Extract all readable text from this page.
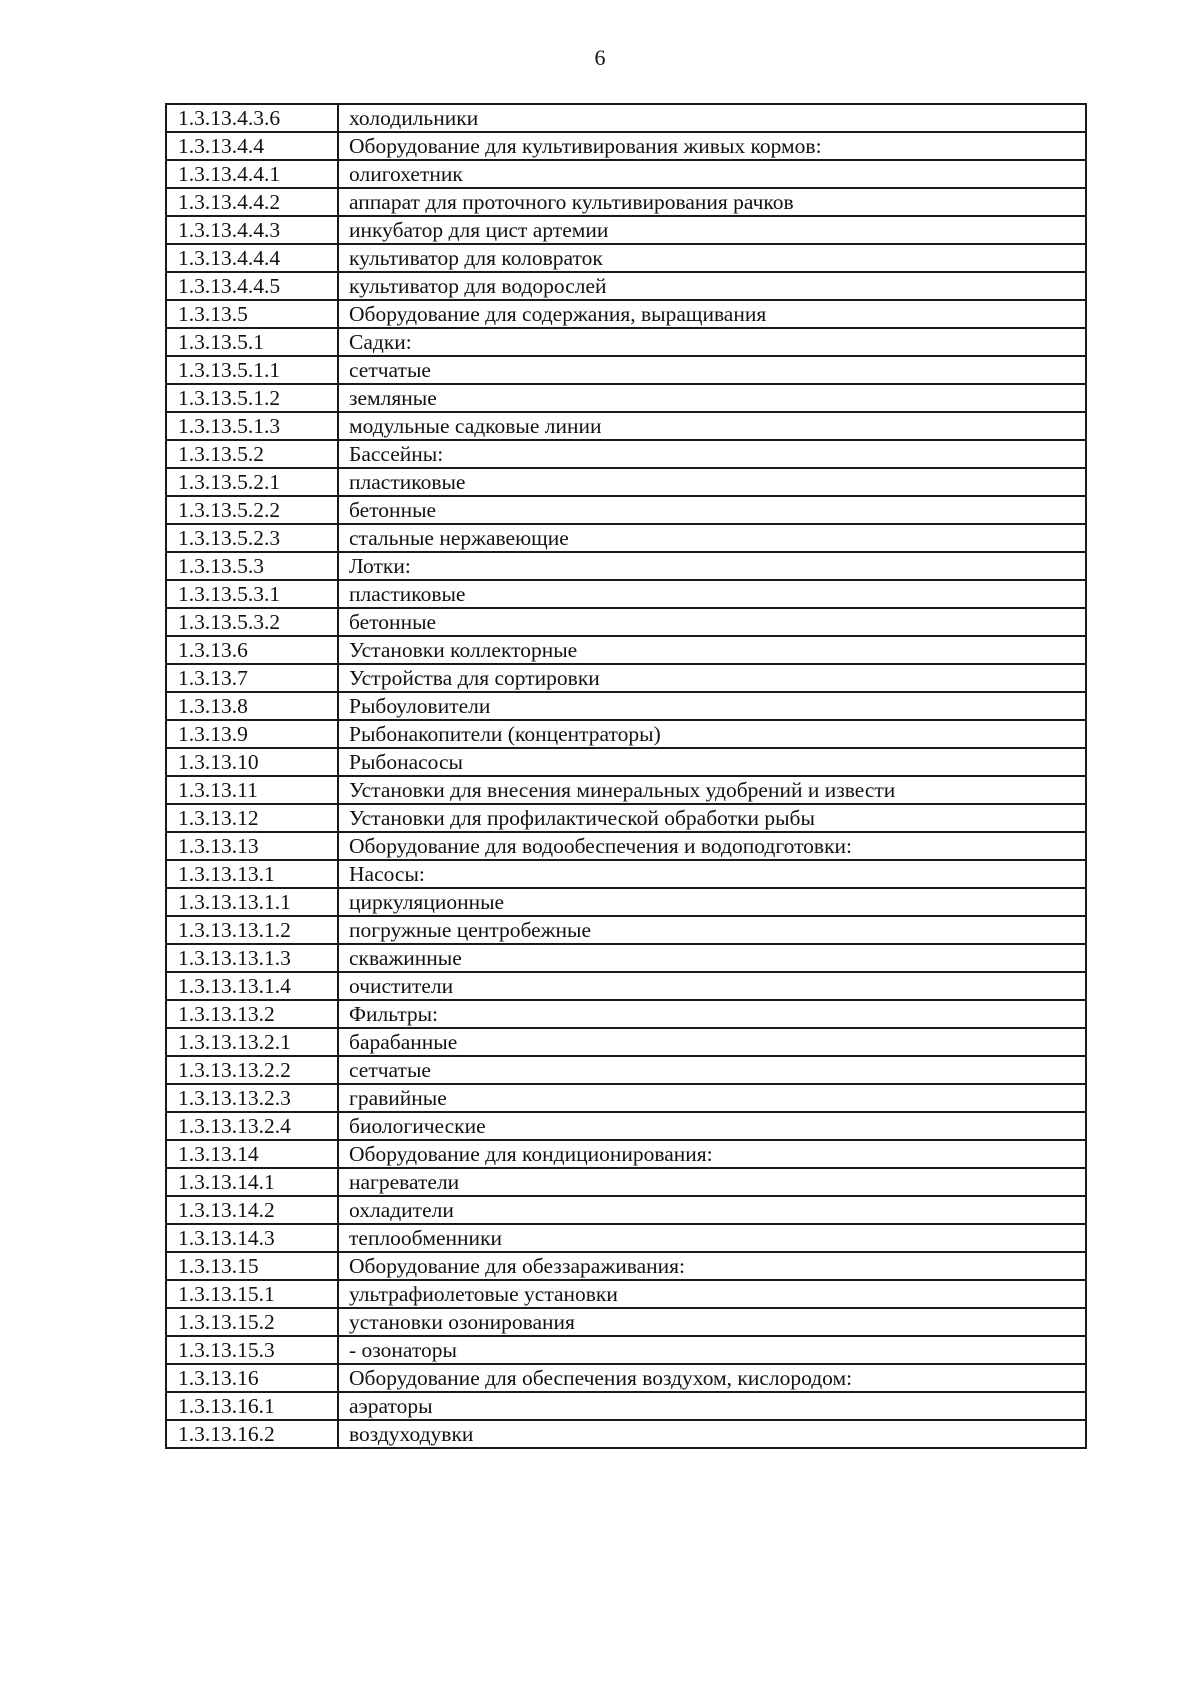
6
1.3.13.4.3.6	холодильники
1.3.13.4.4	Оборудование для культивирования живых кормов:
1.3.13.4.4.1	олигохетник
1.3.13.4.4.2	аппарат для проточного культивирования рачков
1.3.13.4.4.3	инкубатор для цист артемии
1.3.13.4.4.4	культиватор для коловраток
1.3.13.4.4.5	культиватор для водорослей
1.3.13.5	Оборудование для содержания, выращивания
1.3.13.5.1	Садки:
1.3.13.5.1.1	сетчатые
1.3.13.5.1.2	земляные
1.3.13.5.1.3	модульные садковые линии
1.3.13.5.2	Бассейны:
1.3.13.5.2.1	пластиковые
1.3.13.5.2.2	бетонные
1.3.13.5.2.3	стальные нержавеющие
1.3.13.5.3	Лотки:
1.3.13.5.3.1	пластиковые
1.3.13.5.3.2	бетонные
1.3.13.6	Установки коллекторные
1.3.13.7	Устройства для сортировки
1.3.13.8	Рыбоуловители
1.3.13.9	Рыбонакопители (концентраторы)
1.3.13.10	Рыбонасосы
1.3.13.11	Установки для внесения минеральных удобрений и извести
1.3.13.12	Установки для профилактической обработки рыбы
1.3.13.13	Оборудование для водообеспечения и водоподготовки:
1.3.13.13.1	Насосы:
1.3.13.13.1.1	циркуляционные
1.3.13.13.1.2	погружные центробежные
1.3.13.13.1.3	скважинные
1.3.13.13.1.4	очистители
1.3.13.13.2	Фильтры:
1.3.13.13.2.1	барабанные
1.3.13.13.2.2	сетчатые
1.3.13.13.2.3	гравийные
1.3.13.13.2.4	биологические
1.3.13.14	Оборудование для кондиционирования:
1.3.13.14.1	нагреватели
1.3.13.14.2	охладители
1.3.13.14.3	теплообменники
1.3.13.15	Оборудование для обеззараживания:
1.3.13.15.1	ультрафиолетовые установки
1.3.13.15.2	установки озонирования
1.3.13.15.3	- озонаторы
1.3.13.16	Оборудование для обеспечения воздухом, кислородом:
1.3.13.16.1	аэраторы
1.3.13.16.2	воздуходувки
